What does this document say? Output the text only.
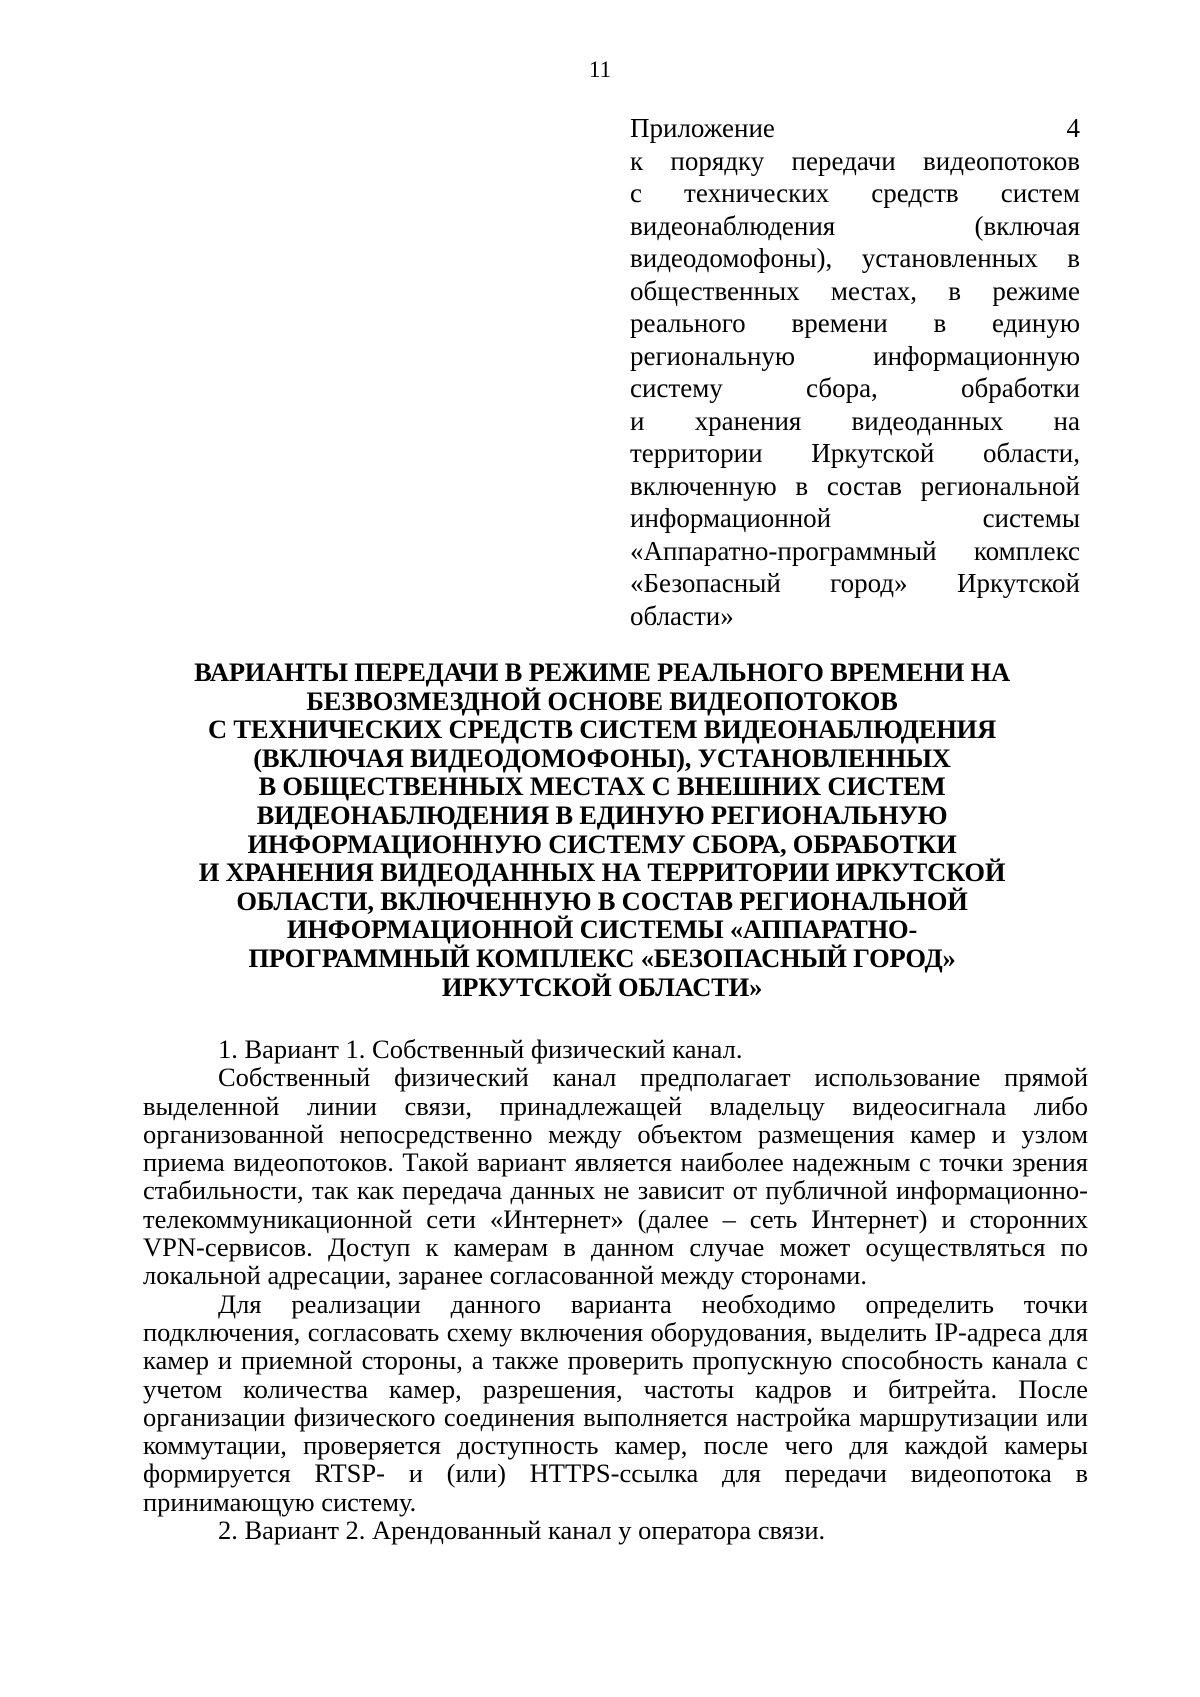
11
Приложение 4
к порядку передачи видеопотоков
с технических средств систем
видеонаблюдения (включая
видеодомофоны), установленных в
общественных местах, в режиме
реального времени в единую
региональную информационную
систему сбора, обработки
и хранения видеоданных на
территории Иркутской области,
включенную в состав региональной
информационной системы
«Аппаратно-программный комплекс
«Безопасный город» Иркутской
области»
ВАРИАНТЫ ПЕРЕДАЧИ В РЕЖИМЕ РЕАЛЬНОГО ВРЕМЕНИ НА
БЕЗВОЗМЕЗДНОЙ ОСНОВЕ ВИДЕОПОТОКОВ
С ТЕХНИЧЕСКИХ СРЕДСТВ СИСТЕМ ВИДЕОНАБЛЮДЕНИЯ
(ВКЛЮЧАЯ ВИДЕОДОМОФОНЫ), УСТАНОВЛЕННЫХ
В ОБЩЕСТВЕННЫХ МЕСТАХ С ВНЕШНИХ СИСТЕМ
ВИДЕОНАБЛЮДЕНИЯ В ЕДИНУЮ РЕГИОНАЛЬНУЮ
ИНФОРМАЦИОННУЮ СИСТЕМУ СБОРА, ОБРАБОТКИ
И ХРАНЕНИЯ ВИДЕОДАННЫХ НА ТЕРРИТОРИИ ИРКУТСКОЙ
ОБЛАСТИ, ВКЛЮЧЕННУЮ В СОСТАВ РЕГИОНАЛЬНОЙ
ИНФОРМАЦИОННОЙ СИСТЕМЫ «АППАРАТНО-
ПРОГРАММНЫЙ КОМПЛЕКС «БЕЗОПАСНЫЙ ГОРОД»
ИРКУТСКОЙ ОБЛАСТИ»

1. Вариант 1. Собственный физический канал.

Собственный физический канал предполагает использование прямой выделенной линии связи, принадлежащей владельцу видеосигнала либо организованной непосредственно между объектом размещения камер и узлом приема видеопотоков. Такой вариант является наиболее надежным с точки зрения стабильности, так как передача данных не зависит от публичной информационно-телекоммуникационной сети «Интернет» (далее – сеть Интернет) и сторонних VPN-сервисов. Доступ к камерам в данном случае может осуществляться по локальной адресации, заранее согласованной между сторонами.

Для реализации данного варианта необходимо определить точки подключения, согласовать схему включения оборудования, выделить IP-адреса для камер и приемной стороны, а также проверить пропускную способность канала с учетом количества камер, разрешения, частоты кадров и битрейта. После организации физического соединения выполняется настройка маршрутизации или коммутации, проверяется доступность камер, после чего для каждой камеры формируется RTSP- и (или) HTTPS-ссылка для передачи видеопотока в принимающую систему.

2. Вариант 2. Арендованный канал у оператора связи.
